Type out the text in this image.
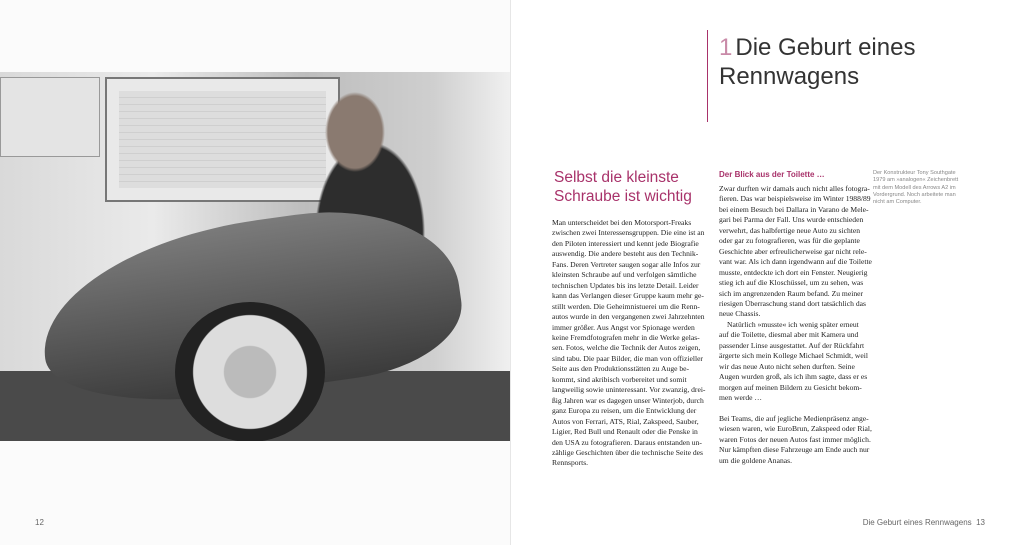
12
1 Die Geburt eines
Rennwagens
Selbst die kleinste
Schraube ist wichtig
Man unterscheidet bei den Motorsport-Freaks
zwischen zwei Interessensgruppen. Die eine ist an
den Piloten interessiert und kennt jede Biografie
auswendig. Die andere besteht aus den Technik-
Fans. Deren Vertreter saugen sogar alle Infos zur
kleinsten Schraube auf und verfolgen sämtliche
technischen Updates bis ins letzte Detail. Leider
kann das Verlangen dieser Gruppe kaum mehr ge-
stillt werden. Die Geheimnistuerei um die Renn-
autos wurde in den vergangenen zwei Jahrzehnten
immer größer. Aus Angst vor Spionage werden
keine Fremdfotografen mehr in die Werke gelas-
sen. Fotos, welche die Technik der Autos zeigen,
sind tabu. Die paar Bilder, die man von offizieller
Seite aus den Produktionsstätten zu Auge be-
kommt, sind akribisch vorbereitet und somit
langweilig sowie uninteressant. Vor zwanzig, drei-
ßig Jahren war es dagegen unser Winterjob, durch
ganz Europa zu reisen, um die Entwicklung der
Autos von Ferrari, ATS, Rial, Zakspeed, Sauber,
Ligier, Red Bull und Renault oder die Penske in
den USA zu fotografieren. Daraus entstanden un-
zählige Geschichten über die technische Seite des
Rennsports.
Der Blick aus der Toilette …
Zwar durften wir damals auch nicht alles fotogra-
fieren. Das war beispielsweise im Winter 1988/89
bei einem Besuch bei Dallara in Varano de Mele-
gari bei Parma der Fall. Uns wurde entschieden
verwehrt, das halbfertige neue Auto zu sichten
oder gar zu fotografieren, was für die geplante
Geschichte aber erfreulicherweise gar nicht rele-
vant war. Als ich dann irgendwann auf die Toilette
musste, entdeckte ich dort ein Fenster. Neugierig
stieg ich auf die Kloschüssel, um zu sehen, was
sich im angrenzenden Raum befand. Zu meiner
riesigen Überraschung stand dort tatsächlich das
neue Chassis.
Natürlich »musste« ich wenig später erneut
auf die Toilette, diesmal aber mit Kamera und
passender Linse ausgestattet. Auf der Rückfahrt
ärgerte sich mein Kollege Michael Schmidt, weil
wir das neue Auto nicht sehen durften. Seine
Augen wurden groß, als ich ihm sagte, dass er es
morgen auf meinen Bildern zu Gesicht bekom-
men werde …
Bei Teams, die auf jegliche Medienpräsenz ange-
wiesen waren, wie EuroBrun, Zakspeed oder Rial,
waren Fotos der neuen Autos fast immer möglich.
Nur kämpften diese Fahrzeuge am Ende auch nur
um die goldene Ananas.
Der Konstrukteur Tony Southgate
1979 am »analogen« Zeichenbrett
mit dem Modell des Arrows A2 im
Vordergrund. Noch arbeitete man
nicht am Computer.
Die Geburt eines Rennwagens 13
